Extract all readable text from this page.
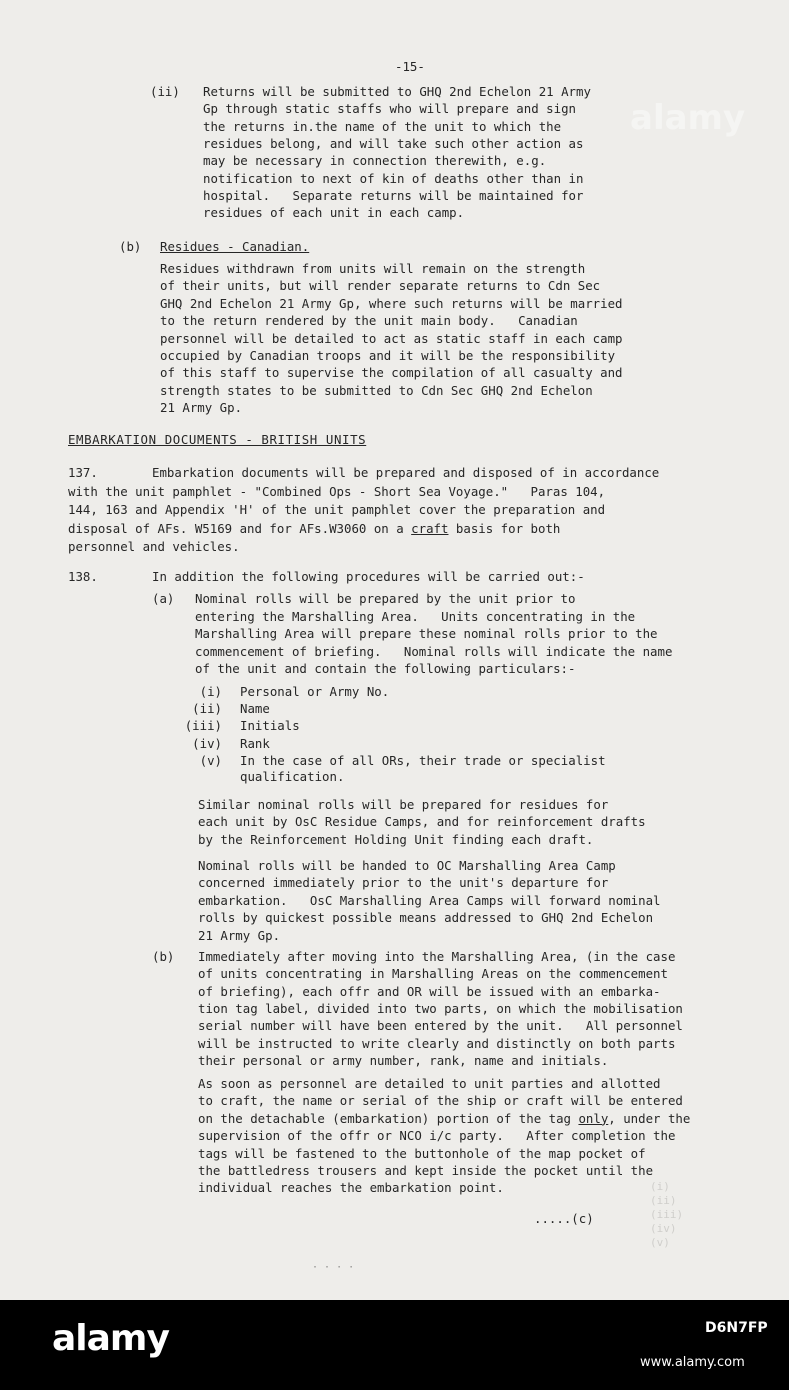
alamy
-15-
(ii) Returns will be submitted to GHQ 2nd Echelon 21 Army
Gp through static staffs who will prepare and sign
the returns in.the name of the unit to which the
residues belong, and will take such other action as
may be necessary in connection therewith, e.g.
notification to next of kin of deaths other than in
hospital.   Separate returns will be maintained for
residues of each unit in each camp.
(b) Residues - Canadian.
Residues withdrawn from units will remain on the strength
of their units, but will render separate returns to Cdn Sec
GHQ 2nd Echelon 21 Army Gp, where such returns will be married
to the return rendered by the unit main body.   Canadian
personnel will be detailed to act as static staff in each camp
occupied by Canadian troops and it will be the responsibility
of this staff to supervise the compilation of all casualty and
strength states to be submitted to Cdn Sec GHQ 2nd Echelon
21 Army Gp.
EMBARKATION DOCUMENTS - BRITISH UNITS
137.	Embarkation documents will be prepared and disposed of in accordance
with the unit pamphlet - "Combined Ops - Short Sea Voyage."   Paras 104,
144, 163 and Appendix 'H' of the unit pamphlet cover the preparation and
disposal of AFs. W5169 and for AFs.W3060 on a craft basis for both
personnel and vehicles.
138.	In addition the following procedures will be carried out:-
(a) Nominal rolls will be prepared by the unit prior to
entering the Marshalling Area.   Units concentrating in the
Marshalling Area will prepare these nominal rolls prior to the
commencement of briefing.   Nominal rolls will indicate the name
of the unit and contain the following particulars:-
(i) Personal or Army No.
(ii) Name
(iii) Initials
(iv) Rank
(v) In the case of all ORs, their trade or specialist
qualification.
Similar nominal rolls will be prepared for residues for
each unit by OsC Residue Camps, and for reinforcement drafts
by the Reinforcement Holding Unit finding each draft.
Nominal rolls will be handed to OC Marshalling Area Camp
concerned immediately prior to the unit's departure for
embarkation.   OsC Marshalling Area Camps will forward nominal
rolls by quickest possible means addressed to GHQ 2nd Echelon
21 Army Gp.
(b) Immediately after moving into the Marshalling Area, (in the case
of units concentrating in Marshalling Areas on the commencement
of briefing), each offr and OR will be issued with an embarka-
tion tag label, divided into two parts, on which the mobilisation
serial number will have been entered by the unit.   All personnel
will be instructed to write clearly and distinctly on both parts
their personal or army number, rank, name and initials.
As soon as personnel are detailed to unit parties and allotted
to craft, the name or serial of the ship or craft will be entered
on the detachable (embarkation) portion of the tag only, under the
supervision of the offr or NCO i/c party.   After completion the
tags will be fastened to the buttonhole of the map pocket of
the battledress trousers and kept inside the pocket until the
individual reaches the embarkation point.
.....(c)
(i)
(ii)
(iii)
(iv)
(v)
· · · ·
alamy	D6N7FP
www.alamy.com
